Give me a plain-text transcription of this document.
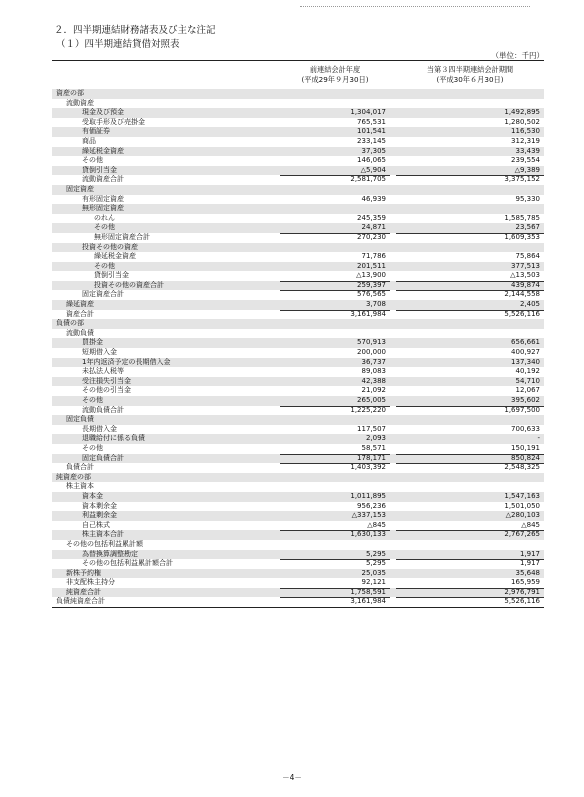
２．四半期連結財務諸表及び主な注記
（１）四半期連結貸借対照表
（単位：千円）
前連結会計年度
(平成29年９月30日)
当第３四半期連結会計期間
(平成30年６月30日)
資産の部
流動資産
現金及び預金	1,304,017	1,492,895
受取手形及び売掛金	765,531	1,280,502
有価証券	101,541	116,530
商品	233,145	312,319
繰延税金資産	37,305	33,439
その他	146,065	239,554
貸倒引当金	△5,904	△9,389
流動資産合計	2,581,705	3,375,152
固定資産
有形固定資産	46,939	95,330
無形固定資産
のれん	245,359	1,585,785
その他	24,871	23,567
無形固定資産合計	270,230	1,609,353
投資その他の資産
繰延税金資産	71,786	75,864
その他	201,511	377,513
貸倒引当金	△13,900	△13,503
投資その他の資産合計	259,397	439,874
固定資産合計	576,565	2,144,558
繰延資産	3,708	2,405
資産合計	3,161,984	5,526,116
負債の部
流動負債
買掛金	570,913	656,661
短期借入金	200,000	400,927
1年内返済予定の長期借入金	36,737	137,340
未払法人税等	89,083	40,192
受注損失引当金	42,388	54,710
その他の引当金	21,092	12,067
その他	265,005	395,602
流動負債合計	1,225,220	1,697,500
固定負債
長期借入金	117,507	700,633
退職給付に係る負債	2,093	-
その他	58,571	150,191
固定負債合計	178,171	850,824
負債合計	1,403,392	2,548,325
純資産の部
株主資本
資本金	1,011,895	1,547,163
資本剰余金	956,236	1,501,050
利益剰余金	△337,153	△280,103
自己株式	△845	△845
株主資本合計	1,630,133	2,767,265
その他の包括利益累計額
為替換算調整勘定	5,295	1,917
その他の包括利益累計額合計	5,295	1,917
新株予約権	25,035	35,648
非支配株主持分	92,121	165,959
純資産合計	1,758,591	2,976,791
負債純資産合計	3,161,984	5,526,116
－4－
